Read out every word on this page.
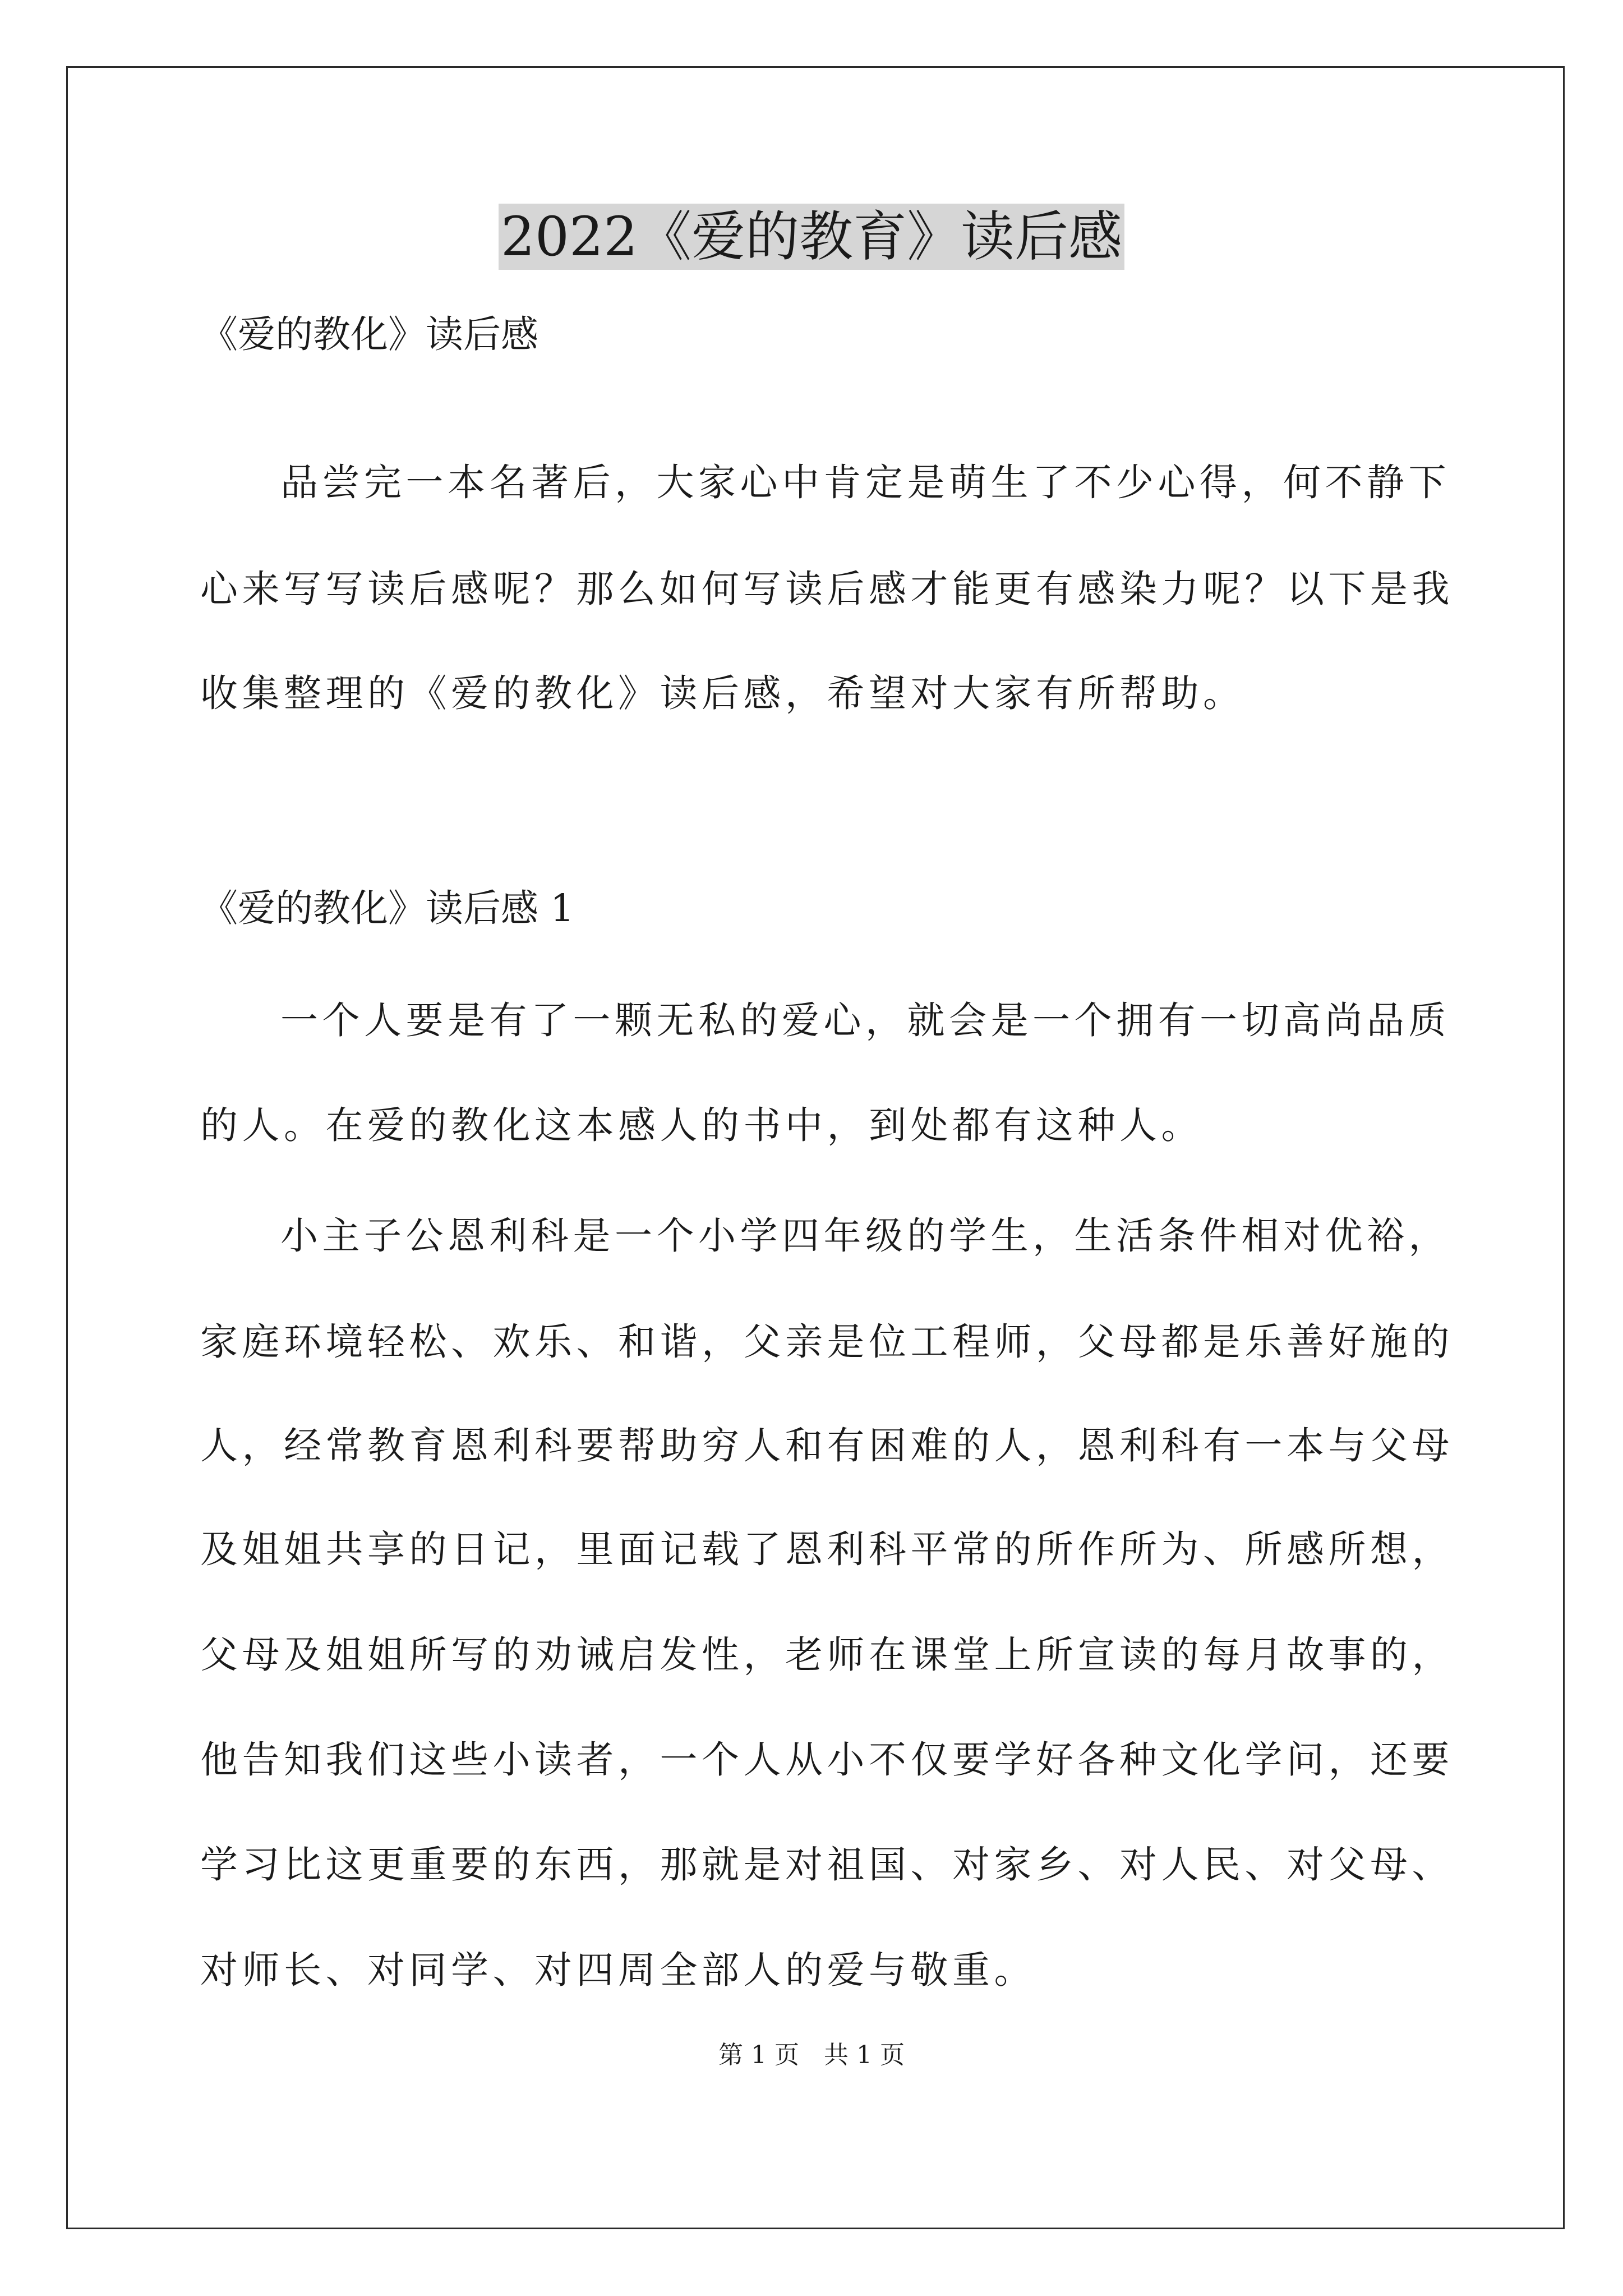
2022《爱的教育》读后感
《爱的教化》读后感
品尝完一本名著后，大家心中肯定是萌生了不少心得，何不静下
心来写写读后感呢？那么如何写读后感才能更有感染力呢？以下是我
收集整理的《爱的教化》读后感，希望对大家有所帮助。
《爱的教化》读后感 1
一个人要是有了一颗无私的爱心，就会是一个拥有一切高尚品质
的人。在爱的教化这本感人的书中，到处都有这种人。
小主子公恩利科是一个小学四年级的学生，生活条件相对优裕，
家庭环境轻松、欢乐、和谐，父亲是位工程师，父母都是乐善好施的
人，经常教育恩利科要帮助穷人和有困难的人，恩利科有一本与父母
及姐姐共享的日记，里面记载了恩利科平常的所作所为、所感所想，
父母及姐姐所写的劝诫启发性，老师在课堂上所宣读的每月故事的，
他告知我们这些小读者，一个人从小不仅要学好各种文化学问，还要
学习比这更重要的东西，那就是对祖国、对家乡、对人民、对父母、
对师长、对同学、对四周全部人的爱与敬重。
第 1 页　共 1 页
